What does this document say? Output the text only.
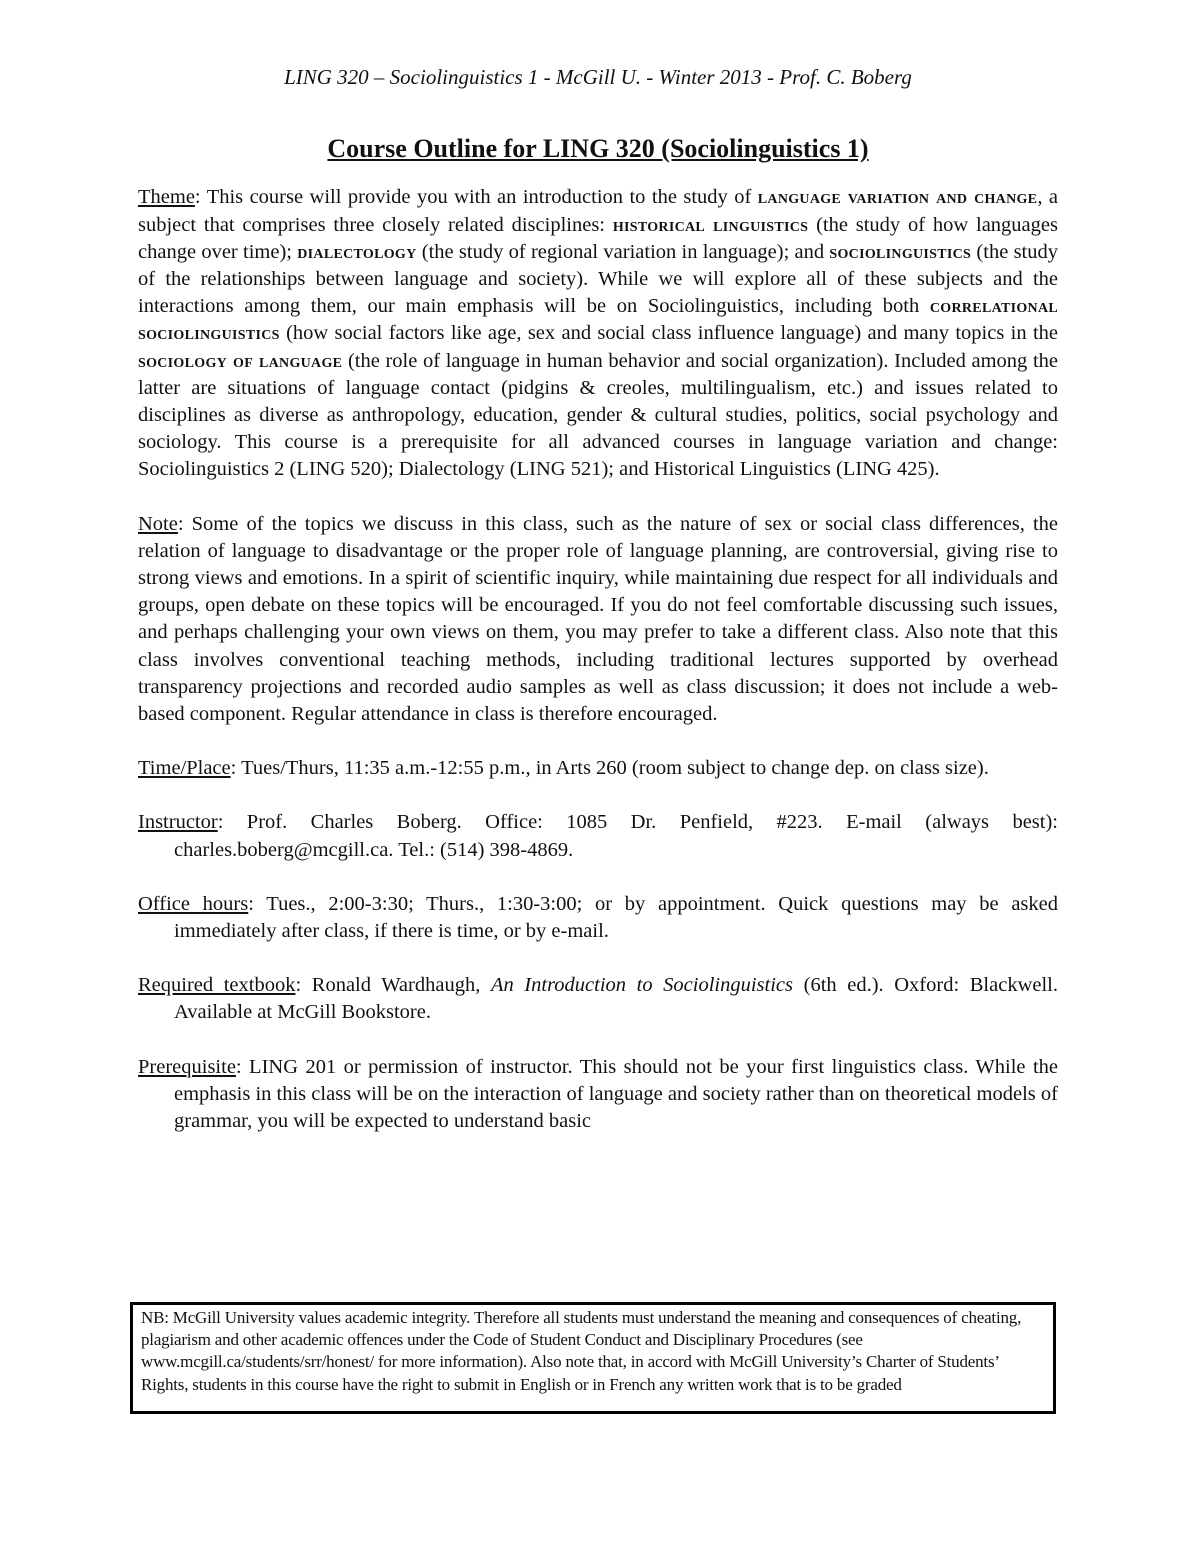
LING 320 – Sociolinguistics 1 - McGill U. - Winter 2013 - Prof. C. Boberg

Course Outline for LING 320 (Sociolinguistics 1)

Theme: This course will provide you with an introduction to the study of language variation and change, a subject that comprises three closely related disciplines: historical linguistics (the study of how languages change over time); dialectology (the study of regional variation in language); and sociolinguistics (the study of the relationships between language and society). While we will explore all of these subjects and the interactions among them, our main emphasis will be on Sociolinguistics, including both correlational sociolinguistics (how social factors like age, sex and social class influence language) and many topics in the sociology of language (the role of language in human behavior and social organization). Included among the latter are situations of language contact (pidgins & creoles, multilingualism, etc.) and issues related to disciplines as diverse as anthropology, education, gender & cultural studies, politics, social psychology and sociology. This course is a prerequisite for all advanced courses in language variation and change: Sociolinguistics 2 (LING 520); Dialectology (LING 521); and Historical Linguistics (LING 425).

Note: Some of the topics we discuss in this class, such as the nature of sex or social class differences, the relation of language to disadvantage or the proper role of language planning, are controversial, giving rise to strong views and emotions. In a spirit of scientific inquiry, while maintaining due respect for all individuals and groups, open debate on these topics will be encouraged. If you do not feel comfortable discussing such issues, and perhaps challenging your own views on them, you may prefer to take a different class. Also note that this class involves conventional teaching methods, including traditional lectures supported by overhead transparency projections and recorded audio samples as well as class discussion; it does not include a web-based component. Regular attendance in class is therefore encouraged.

Time/Place: Tues/Thurs, 11:35 a.m.-12:55 p.m., in Arts 260 (room subject to change dep. on class size).

Instructor: Prof. Charles Boberg. Office: 1085 Dr. Penfield, #223. E-mail (always best): charles.boberg@mcgill.ca. Tel.: (514) 398-4869.

Office hours: Tues., 2:00-3:30; Thurs., 1:30-3:00; or by appointment. Quick questions may be asked immediately after class, if there is time, or by e-mail.

Required textbook: Ronald Wardhaugh, An Introduction to Sociolinguistics (6th ed.). Oxford: Blackwell. Available at McGill Bookstore.

Prerequisite: LING 201 or permission of instructor. This should not be your first linguistics class. While the emphasis in this class will be on the interaction of language and society rather than on theoretical models of grammar, you will be expected to understand basic

NB: McGill University values academic integrity. Therefore all students must understand the meaning and consequences of cheating, plagiarism and other academic offences under the Code of Student Conduct and Disciplinary Procedures (see www.mcgill.ca/students/srr/honest/ for more information). Also note that, in accord with McGill University’s Charter of Students’ Rights, students in this course have the right to submit in English or in French any written work that is to be graded
